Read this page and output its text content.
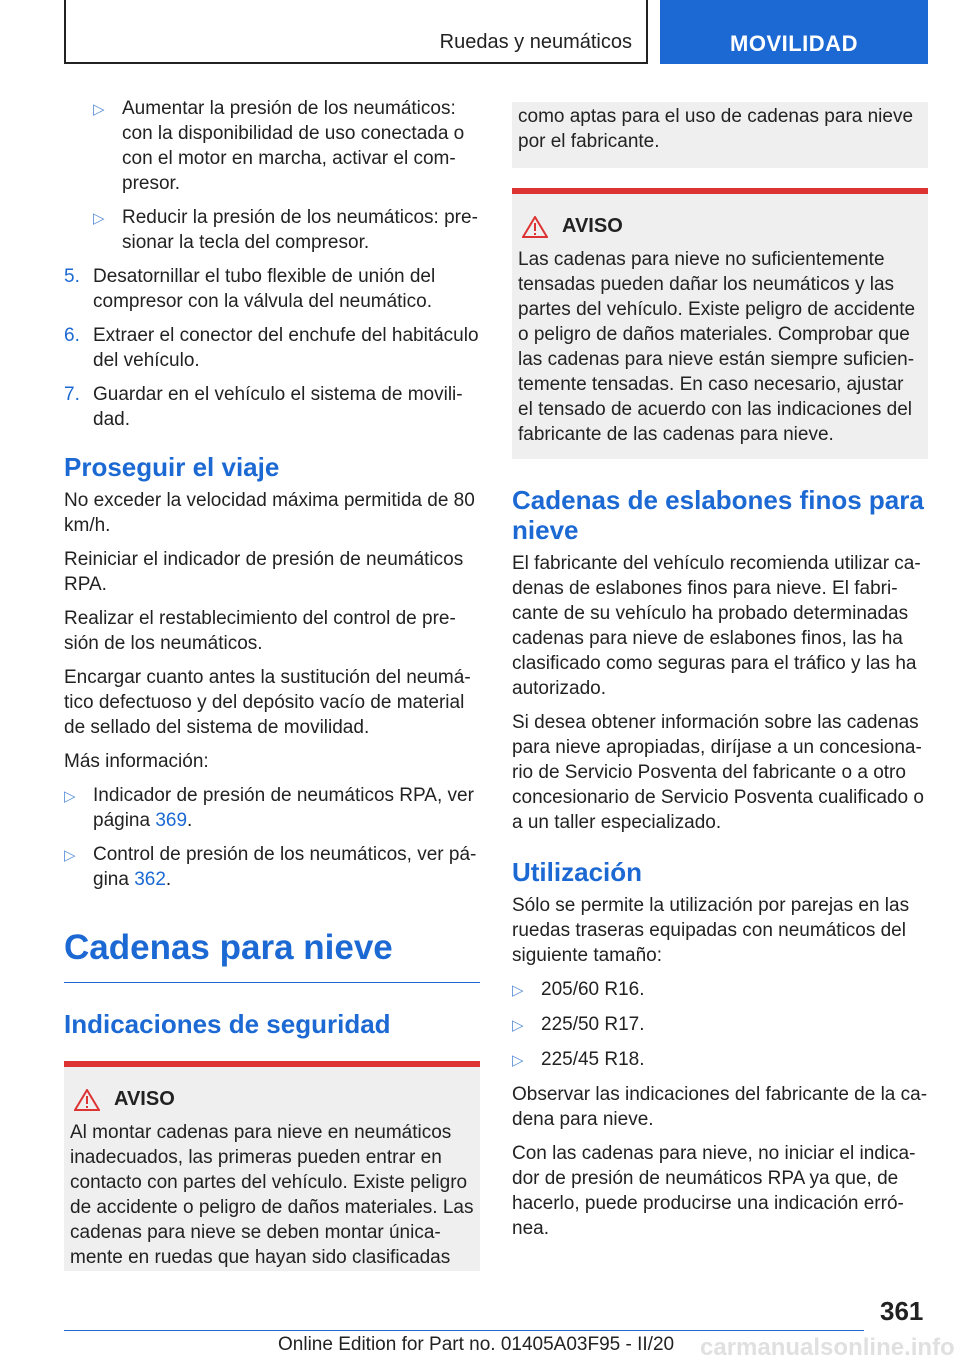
Ruedas y neumáticos	MOVILIDAD
▷ Aumentar la presión de los neumáticos: con la disponibilidad de uso conectada o con el motor en marcha, activar el compresor.
▷ Reducir la presión de los neumáticos: presionar la tecla del compresor.
5. Desatornillar el tubo flexible de unión del compresor con la válvula del neumático.
6. Extraer el conector del enchufe del habitáculo del vehículo.
7. Guardar en el vehículo el sistema de movilidad.
Proseguir el viaje

No exceder la velocidad máxima permitida de 80 km/h.

Reiniciar el indicador de presión de neumáticos RPA.

Realizar el restablecimiento del control de presión de los neumáticos.

Encargar cuanto antes la sustitución del neumático defectuoso y del depósito vacío de material de sellado del sistema de movilidad.

Más información:

▷ Indicador de presión de neumáticos RPA, ver página 369.
▷ Control de presión de los neumáticos, ver página 362.
Cadenas para nieve
Indicaciones de seguridad
AVISO
Al montar cadenas para nieve en neumáticos inadecuados, las primeras pueden entrar en contacto con partes del vehículo. Existe peligro de accidente o peligro de daños materiales. Las cadenas para nieve se deben montar únicamente en ruedas que hayan sido clasificadas
como aptas para el uso de cadenas para nieve por el fabricante.
AVISO
Las cadenas para nieve no suficientemente tensadas pueden dañar los neumáticos y las partes del vehículo. Existe peligro de accidente o peligro de daños materiales. Comprobar que las cadenas para nieve están siempre suficientemente tensadas. En caso necesario, ajustar el tensado de acuerdo con las indicaciones del fabricante de las cadenas para nieve.
Cadenas de eslabones finos para nieve

El fabricante del vehículo recomienda utilizar cadenas de eslabones finos para nieve. El fabricante de su vehículo ha probado determinadas cadenas para nieve de eslabones finos, las ha clasificado como seguras para el tráfico y las ha autorizado.

Si desea obtener información sobre las cadenas para nieve apropiadas, diríjase a un concesionario de Servicio Posventa del fabricante o a otro concesionario de Servicio Posventa cualificado o a un taller especializado.

Utilización

Sólo se permite la utilización por parejas en las ruedas traseras equipadas con neumáticos del siguiente tamaño:

▷ 205/60 R16.
▷ 225/50 R17.
▷ 225/45 R18.

Observar las indicaciones del fabricante de la cadena para nieve.

Con las cadenas para nieve, no iniciar el indicador de presión de neumáticos RPA ya que, de hacerlo, puede producirse una indicación errónea.

361
Online Edition for Part no. 01405A03F95 - II/20 carmanualsonline.info
